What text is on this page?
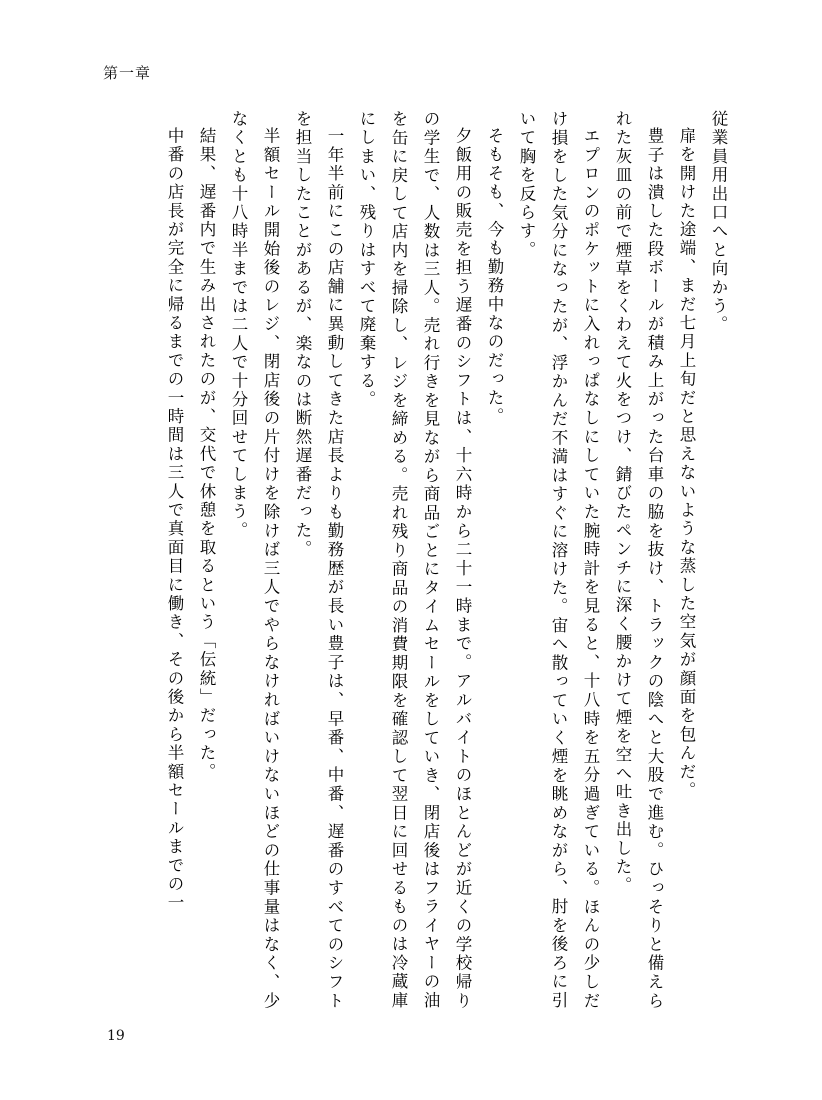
第一章

従業員用出口へと向かう。

扉を開けた途端、まだ七月上旬だと思えないような蒸した空気が顔面を包んだ。

豊子は潰した段ボールが積み上がった台車の脇を抜け、トラックの陰へと大股で進む。ひっそりと備えられた灰皿の前で煙草をくわえて火をつけ、錆びたペンチに深く腰かけて煙を空へ吐き出した。

エプロンのポケットに入れっぱなしにしていた腕時計を見ると、十八時を五分過ぎている。ほんの少しだけ損をした気分になったが、浮かんだ不満はすぐに溶けた。宙へ散っていく煙を眺めながら、肘を後ろに引いて胸を反らす。

そもそも、今も勤務中なのだった。

夕飯用の販売を担う遅番のシフトは、十六時から二十一時まで。アルバイトのほとんどが近くの学校帰りの学生で、人数は三人。売れ行きを見ながら商品ごとにタイムセールをしていき、閉店後はフライヤーの油を缶に戻して店内を掃除し、レジを締める。売れ残り商品の消費期限を確認して翌日に回せるものは冷蔵庫にしまい、残りはすべて廃棄する。

一年半前にこの店舗に異動してきた店長よりも勤務歴が長い豊子は、早番、中番、遅番のすべてのシフトを担当したことがあるが、楽なのは断然遅番だった。

半額セール開始後のレジ、閉店後の片付けを除けば三人でやらなければいけないほどの仕事量はなく、少なくとも十八時半までは二人で十分回せてしまう。

結果、遅番内で生み出されたのが、交代で休憩を取るという「伝統」だった。

中番の店長が完全に帰るまでの一時間は三人で真面目に働き、その後から半額セールまでの一

19
